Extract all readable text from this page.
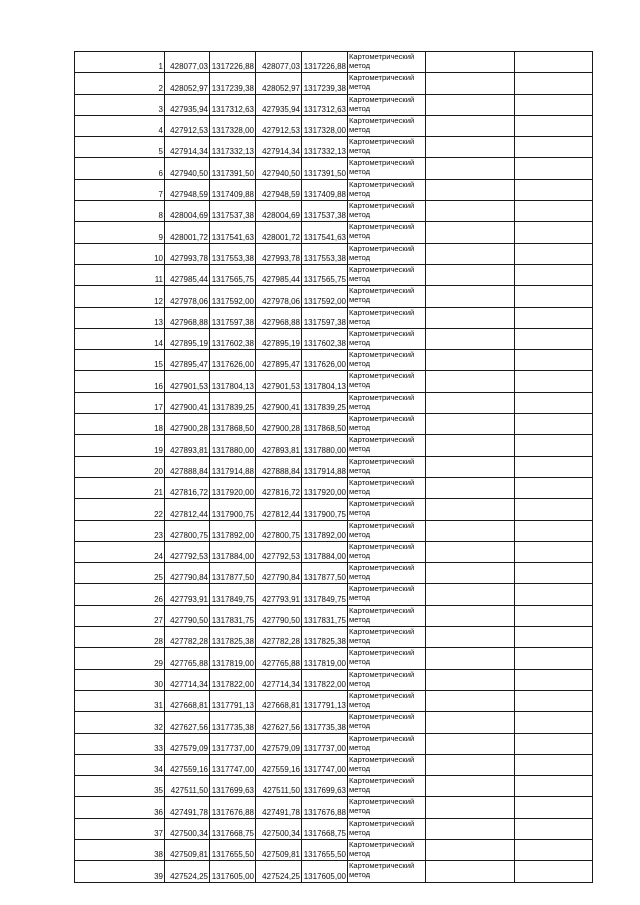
1	428077,03	1317226,88	428077,03	1317226,88	Картометрический метод		
2	428052,97	1317239,38	428052,97	1317239,38	Картометрический метод		
3	427935,94	1317312,63	427935,94	1317312,63	Картометрический метод		
4	427912,53	1317328,00	427912,53	1317328,00	Картометрический метод		
5	427914,34	1317332,13	427914,34	1317332,13	Картометрический метод		
6	427940,50	1317391,50	427940,50	1317391,50	Картометрический метод		
7	427948,59	1317409,88	427948,59	1317409,88	Картометрический метод		
8	428004,69	1317537,38	428004,69	1317537,38	Картометрический метод		
9	428001,72	1317541,63	428001,72	1317541,63	Картометрический метод		
10	427993,78	1317553,38	427993,78	1317553,38	Картометрический метод		
11	427985,44	1317565,75	427985,44	1317565,75	Картометрический метод		
12	427978,06	1317592,00	427978,06	1317592,00	Картометрический метод		
13	427968,88	1317597,38	427968,88	1317597,38	Картометрический метод		
14	427895,19	1317602,38	427895,19	1317602,38	Картометрический метод		
15	427895,47	1317626,00	427895,47	1317626,00	Картометрический метод		
16	427901,53	1317804,13	427901,53	1317804,13	Картометрический метод		
17	427900,41	1317839,25	427900,41	1317839,25	Картометрический метод		
18	427900,28	1317868,50	427900,28	1317868,50	Картометрический метод		
19	427893,81	1317880,00	427893,81	1317880,00	Картометрический метод		
20	427888,84	1317914,88	427888,84	1317914,88	Картометрический метод		
21	427816,72	1317920,00	427816,72	1317920,00	Картометрический метод		
22	427812,44	1317900,75	427812,44	1317900,75	Картометрический метод		
23	427800,75	1317892,00	427800,75	1317892,00	Картометрический метод		
24	427792,53	1317884,00	427792,53	1317884,00	Картометрический метод		
25	427790,84	1317877,50	427790,84	1317877,50	Картометрический метод		
26	427793,91	1317849,75	427793,91	1317849,75	Картометрический метод		
27	427790,50	1317831,75	427790,50	1317831,75	Картометрический метод		
28	427782,28	1317825,38	427782,28	1317825,38	Картометрический метод		
29	427765,88	1317819,00	427765,88	1317819,00	Картометрический метод		
30	427714,34	1317822,00	427714,34	1317822,00	Картометрический метод		
31	427668,81	1317791,13	427668,81	1317791,13	Картометрический метод		
32	427627,56	1317735,38	427627,56	1317735,38	Картометрический метод		
33	427579,09	1317737,00	427579,09	1317737,00	Картометрический метод		
34	427559,16	1317747,00	427559,16	1317747,00	Картометрический метод		
35	427511,50	1317699,63	427511,50	1317699,63	Картометрический метод		
36	427491,78	1317676,88	427491,78	1317676,88	Картометрический метод		
37	427500,34	1317668,75	427500,34	1317668,75	Картометрический метод		
38	427509,81	1317655,50	427509,81	1317655,50	Картометрический метод		
39	427524,25	1317605,00	427524,25	1317605,00	Картометрический метод		
